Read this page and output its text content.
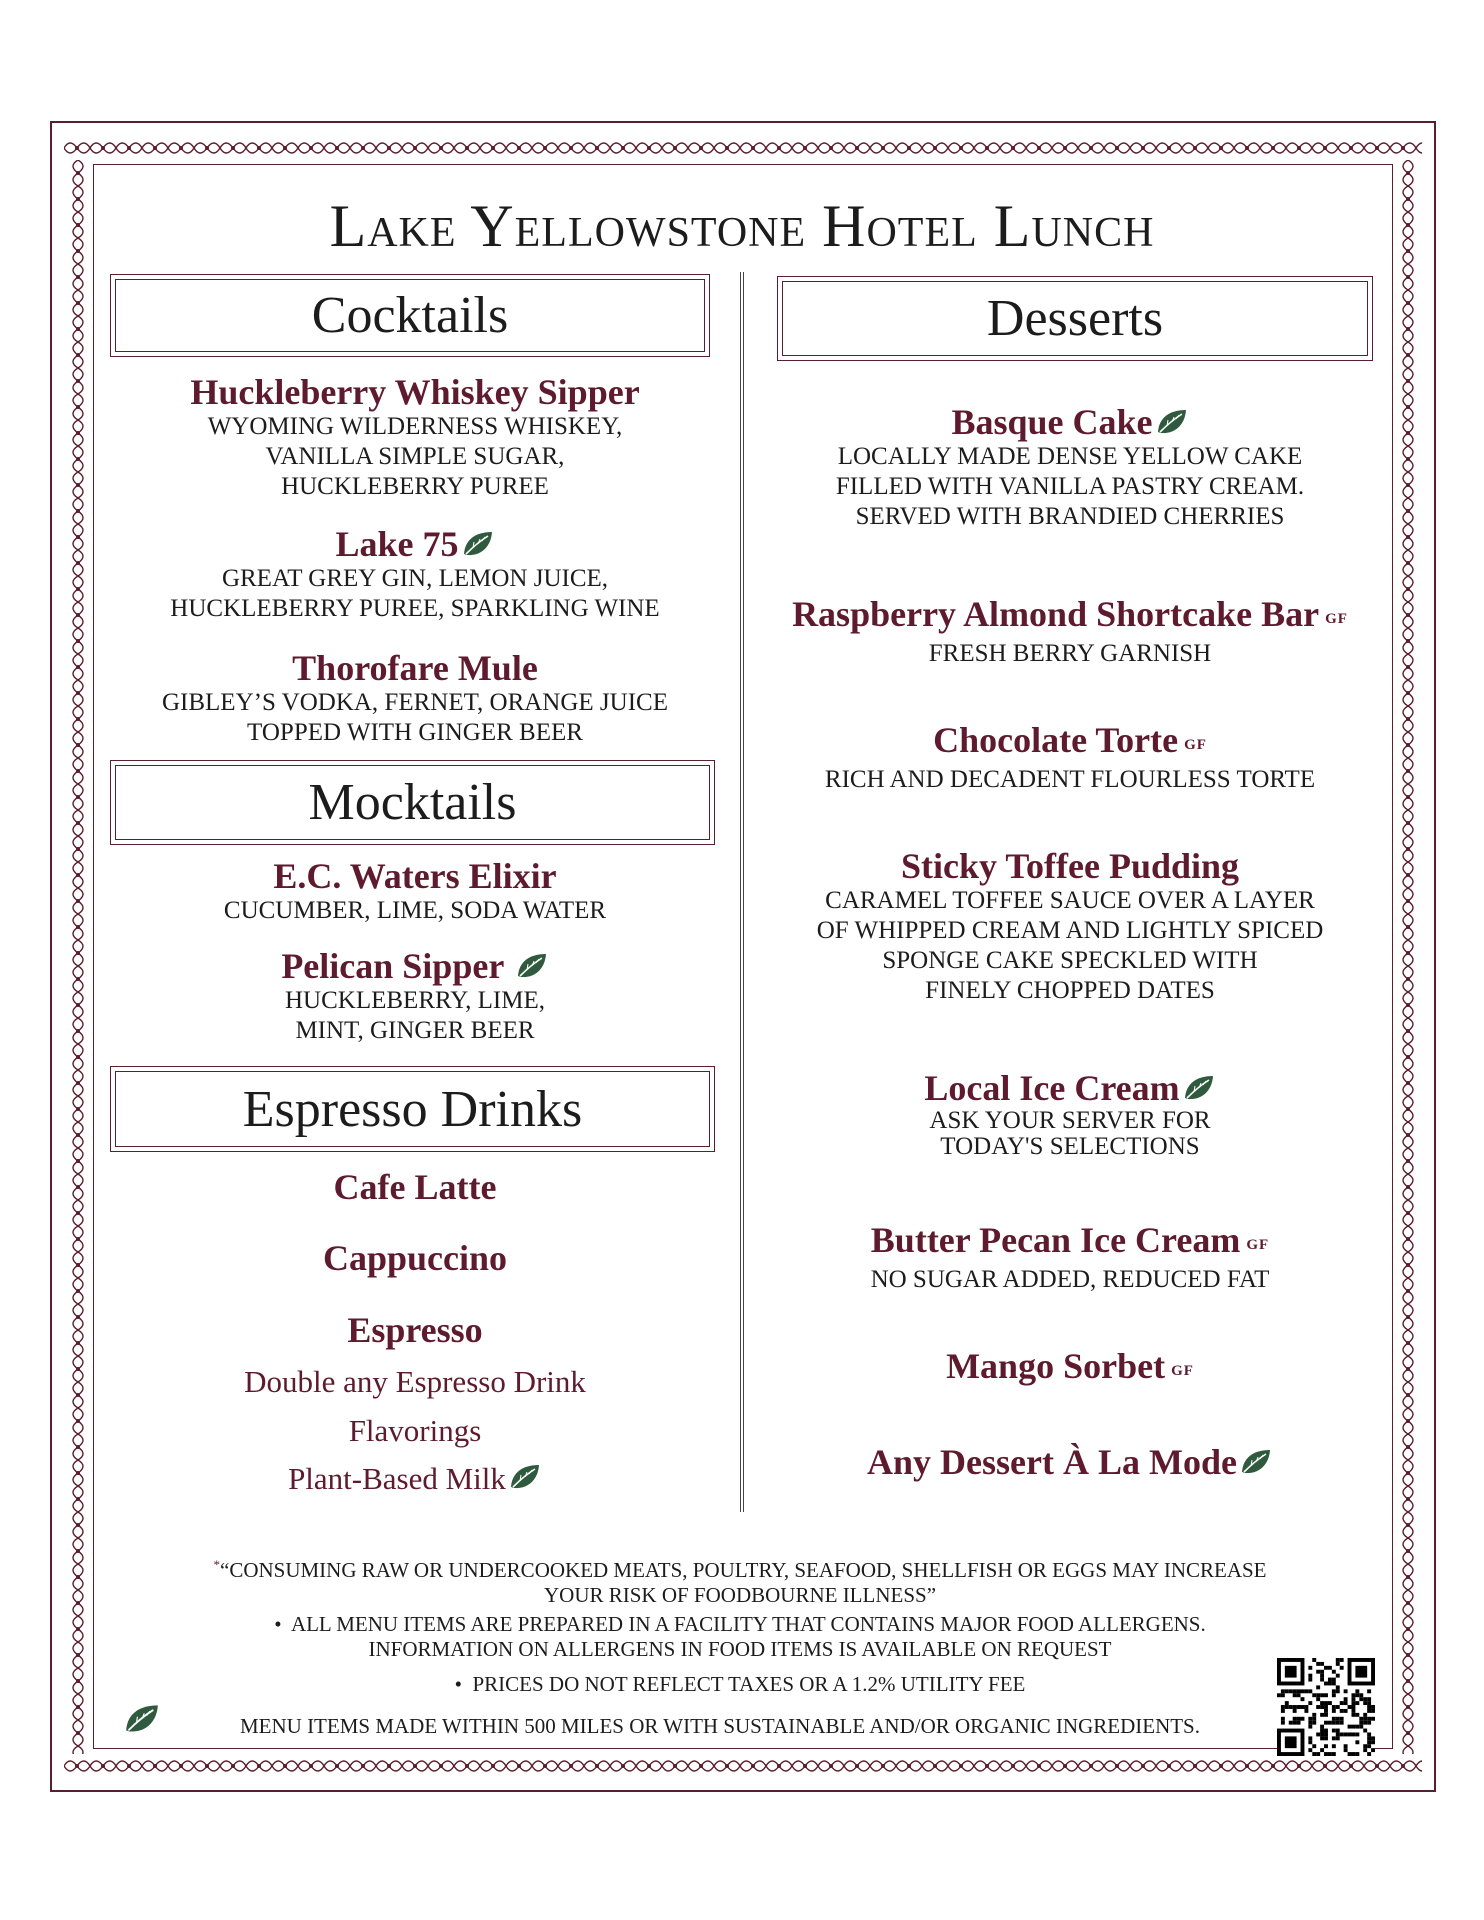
Lake Yellowstone Hotel Lunch
Cocktails
Huckleberry Whiskey Sipper
WYOMING WILDERNESS WHISKEY,
VANILLA SIMPLE SUGAR,
HUCKLEBERRY PUREE
Lake 75
GREAT GREY GIN, LEMON JUICE,
HUCKLEBERRY PUREE, SPARKLING WINE
Thorofare Mule
GIBLEY’S VODKA, FERNET, ORANGE JUICE
TOPPED WITH GINGER BEER
Mocktails
E.C. Waters Elixir
CUCUMBER, LIME, SODA WATER
Pelican Sipper
HUCKLEBERRY, LIME,
MINT, GINGER BEER
Espresso Drinks
Cafe Latte
Cappuccino
Espresso
Double any Espresso Drink
Flavorings
Plant-Based Milk
Desserts
Basque Cake
LOCALLY MADE DENSE YELLOW CAKE
FILLED WITH VANILLA PASTRY CREAM.
SERVED WITH BRANDIED CHERRIES
Raspberry Almond Shortcake Bar GF
FRESH BERRY GARNISH
Chocolate Torte GF
RICH AND DECADENT FLOURLESS TORTE
Sticky Toffee Pudding
CARAMEL TOFFEE SAUCE OVER A LAYER
OF WHIPPED CREAM AND LIGHTLY SPICED
SPONGE CAKE SPECKLED WITH
FINELY CHOPPED DATES
Local Ice Cream
ASK YOUR SERVER FOR
TODAY'S SELECTIONS
Butter Pecan Ice Cream GF
NO SUGAR ADDED, REDUCED FAT
Mango Sorbet GF
Any Dessert À La Mode
*“CONSUMING RAW OR UNDERCOOKED MEATS, POULTRY, SEAFOOD, SHELLFISH OR EGGS MAY INCREASE
YOUR RISK OF FOODBOURNE ILLNESS”
• ALL MENU ITEMS ARE PREPARED IN A FACILITY THAT CONTAINS MAJOR FOOD ALLERGENS.
INFORMATION ON ALLERGENS IN FOOD ITEMS IS AVAILABLE ON REQUEST
• PRICES DO NOT REFLECT TAXES OR A 1.2% UTILITY FEE
MENU ITEMS MADE WITHIN 500 MILES OR WITH SUSTAINABLE AND/OR ORGANIC INGREDIENTS.
